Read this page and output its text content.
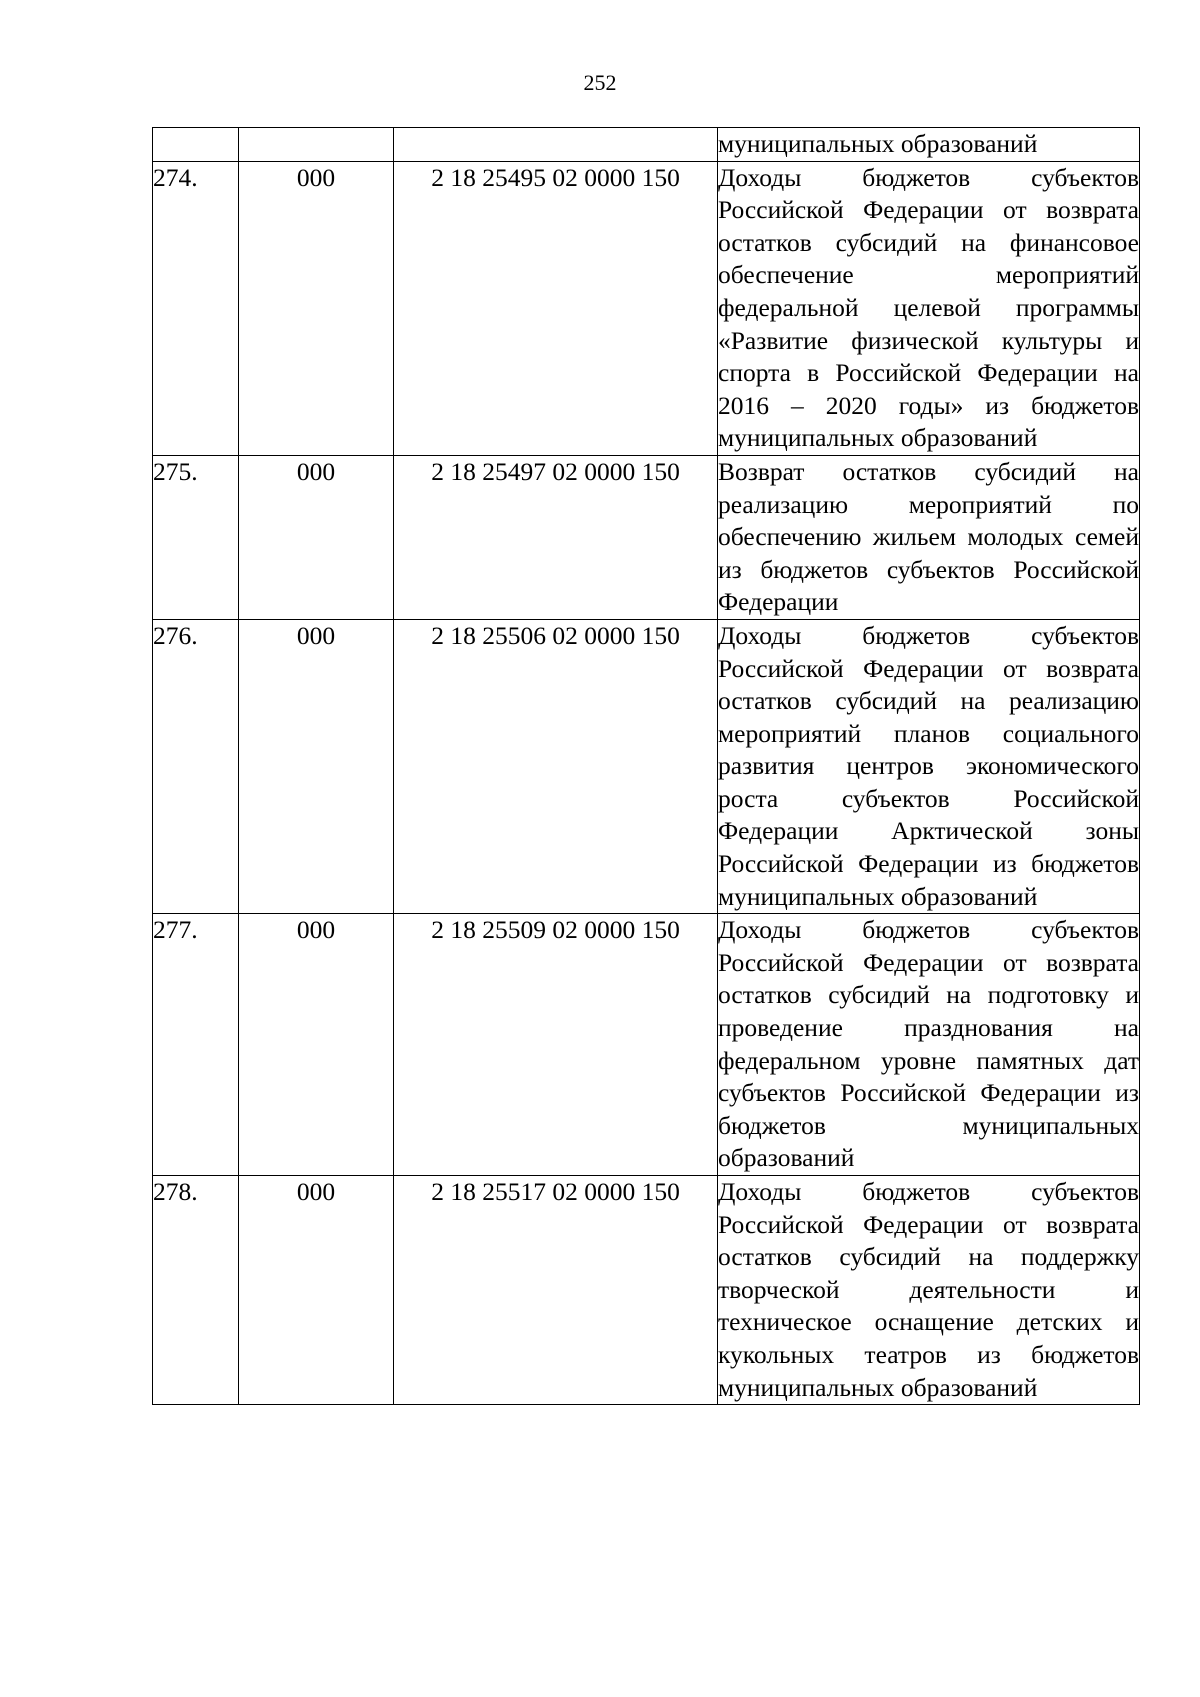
252
			муниципальных образований
274.	000	2 18 25495 02 0000 150	Доходы бюджетов субъектов Российской Федерации от возврата остатков субсидий на финансовое обеспечение мероприятий федеральной целевой программы «Развитие физической культуры и спорта в Российской Федерации на 2016 – 2020 годы» из бюджетов муниципальных образований
275.	000	2 18 25497 02 0000 150	Возврат остатков субсидий на реализацию мероприятий по обеспечению жильем молодых семей из бюджетов субъектов Российской Федерации
276.	000	2 18 25506 02 0000 150	Доходы бюджетов субъектов Российской Федерации от возврата остатков субсидий на реализацию мероприятий планов социального развития центров экономического роста субъектов Российской Федерации Арктической зоны Российской Федерации из бюджетов муниципальных образований
277.	000	2 18 25509 02 0000 150	Доходы бюджетов субъектов Российской Федерации от возврата остатков субсидий на подготовку и проведение празднования на федеральном уровне памятных дат субъектов Российской Федерации из бюджетов муниципальных образований
278.	000	2 18 25517 02 0000 150	Доходы бюджетов субъектов Российской Федерации от возврата остатков субсидий на поддержку творческой деятельности и техническое оснащение детских и кукольных театров из бюджетов муниципальных образований
